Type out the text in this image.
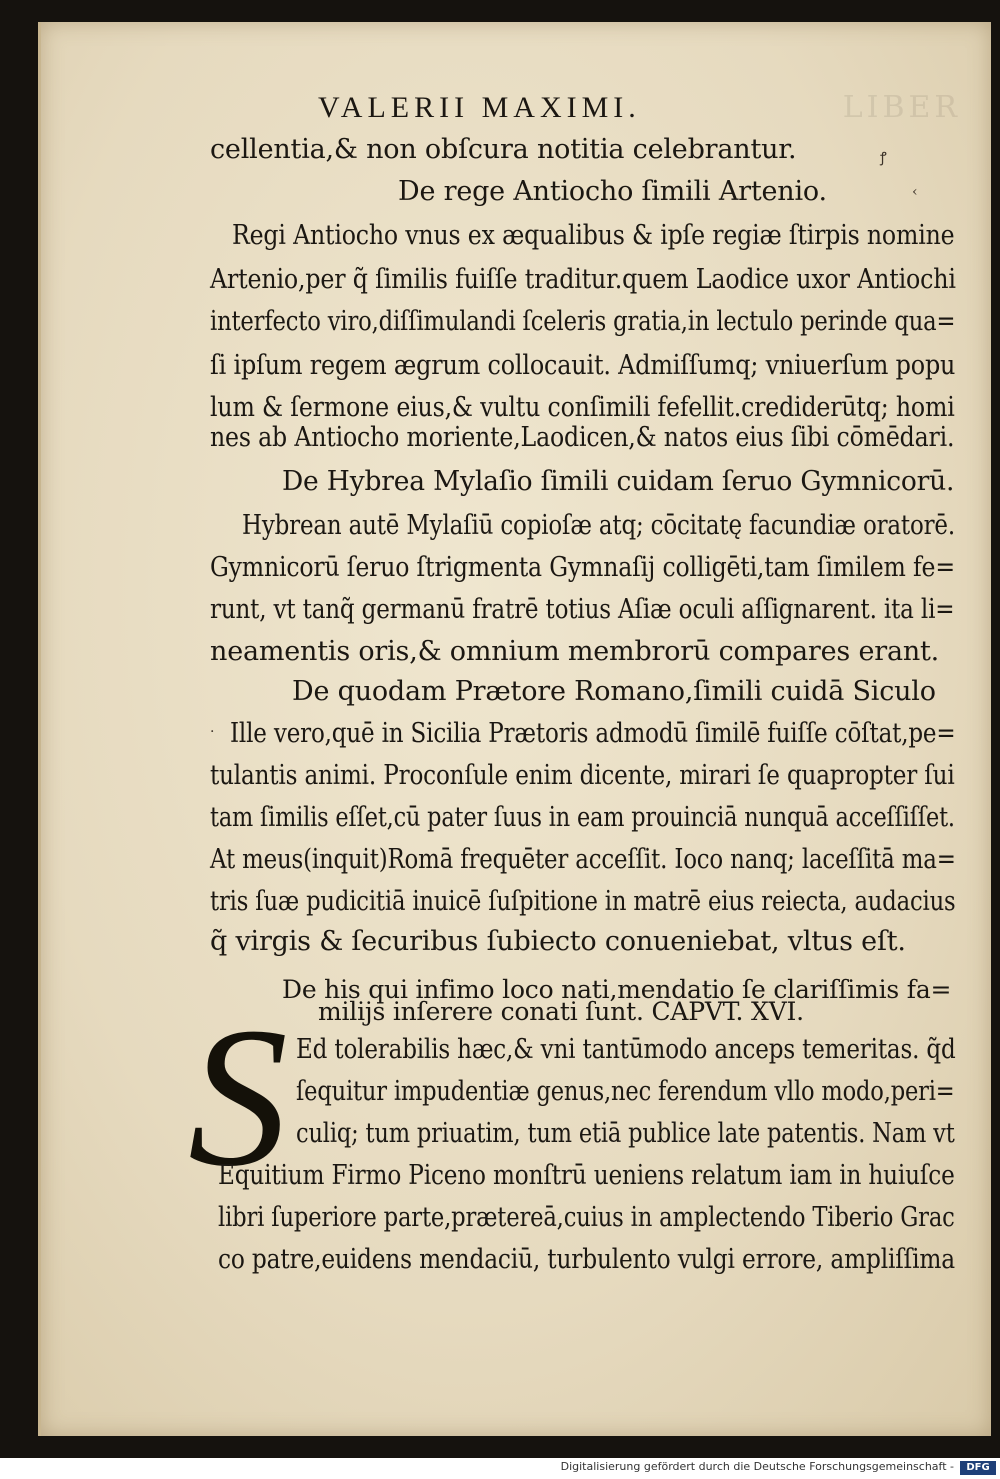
LIBER
VALERII MAXIMI.
cellentia,& non obſcura notitia celebrantur.
De rege Antiocho ſimili Artenio.
Regi Antiocho vnus ex æqualibus & ipſe regiæ ſtirpis nomine
Artenio,per q̃ ſimilis fuiſſe traditur.quem Laodice uxor Antiochi
interfecto viro,diſſimulandi ſceleris gratia,in lectulo perinde qua=
ſi ipſum regem ægrum collocauit. Admiſſumq; vniuerſum popu
lum & ſermone eius,& vultu conſimili fefellit.crediderūtq; homi
nes ab Antiocho moriente,Laodicen,& natos eius ſibi cōmēdari.
De Hybrea Mylaſio ſimili cuidam ſeruo Gymnicorū.
Hybrean autē Mylaſiū copioſæ atq; cōcitatę facundiæ oratorē.
Gymnicorū ſeruo ſtrigmenta Gymnaſij colligēti,tam ſimilem fe=
runt, vt tanq̃ germanū fratrē totius Aſiæ oculi aſſignarent. ita li=
neamentis oris,& omnium membrorū compares erant.
De quodam Prætore Romano,ſimili cuidā Siculo
Ille vero,quē in Sicilia Prætoris admodū ſimilē fuiſſe cōſtat,pe=
tulantis animi. Proconſule enim dicente, mirari ſe quapropter ſui
tam ſimilis eſſet,cū pater ſuus in eam prouinciā nunquā acceſſiſſet.
At meus(inquit)Romā frequēter acceſſit. Ioco nanq; laceſſitā ma=
tris ſuæ pudicitiā inuicē ſuſpitione in matrē eius reiecta, audacius
q̃ virgis & ſecuribus ſubiecto conueniebat, vltus eſt.
De his qui infimo loco nati,mendatio ſe clariſſimis fa=
milijs inſerere conati ſunt. CAPVT. XVI.
S Ed tolerabilis hæc,& vni tantūmodo anceps temeritas. q̃d
ſequitur impudentiæ genus,nec ferendum vllo modo,peri=
culiq; tum priuatim, tum etiā publice late patentis. Nam vt
Equitium Firmo Piceno monſtrū ueniens relatum iam in huiuſce
libri ſuperiore parte,prætereā,cuius in amplectendo Tiberio Grac
co patre,euidens mendaciū, turbulento vulgi errore, ampliſſima
ꝭ
‹
·
Digitalisierung gefördert durch die Deutsche Forschungsgemeinschaft -	DFG
